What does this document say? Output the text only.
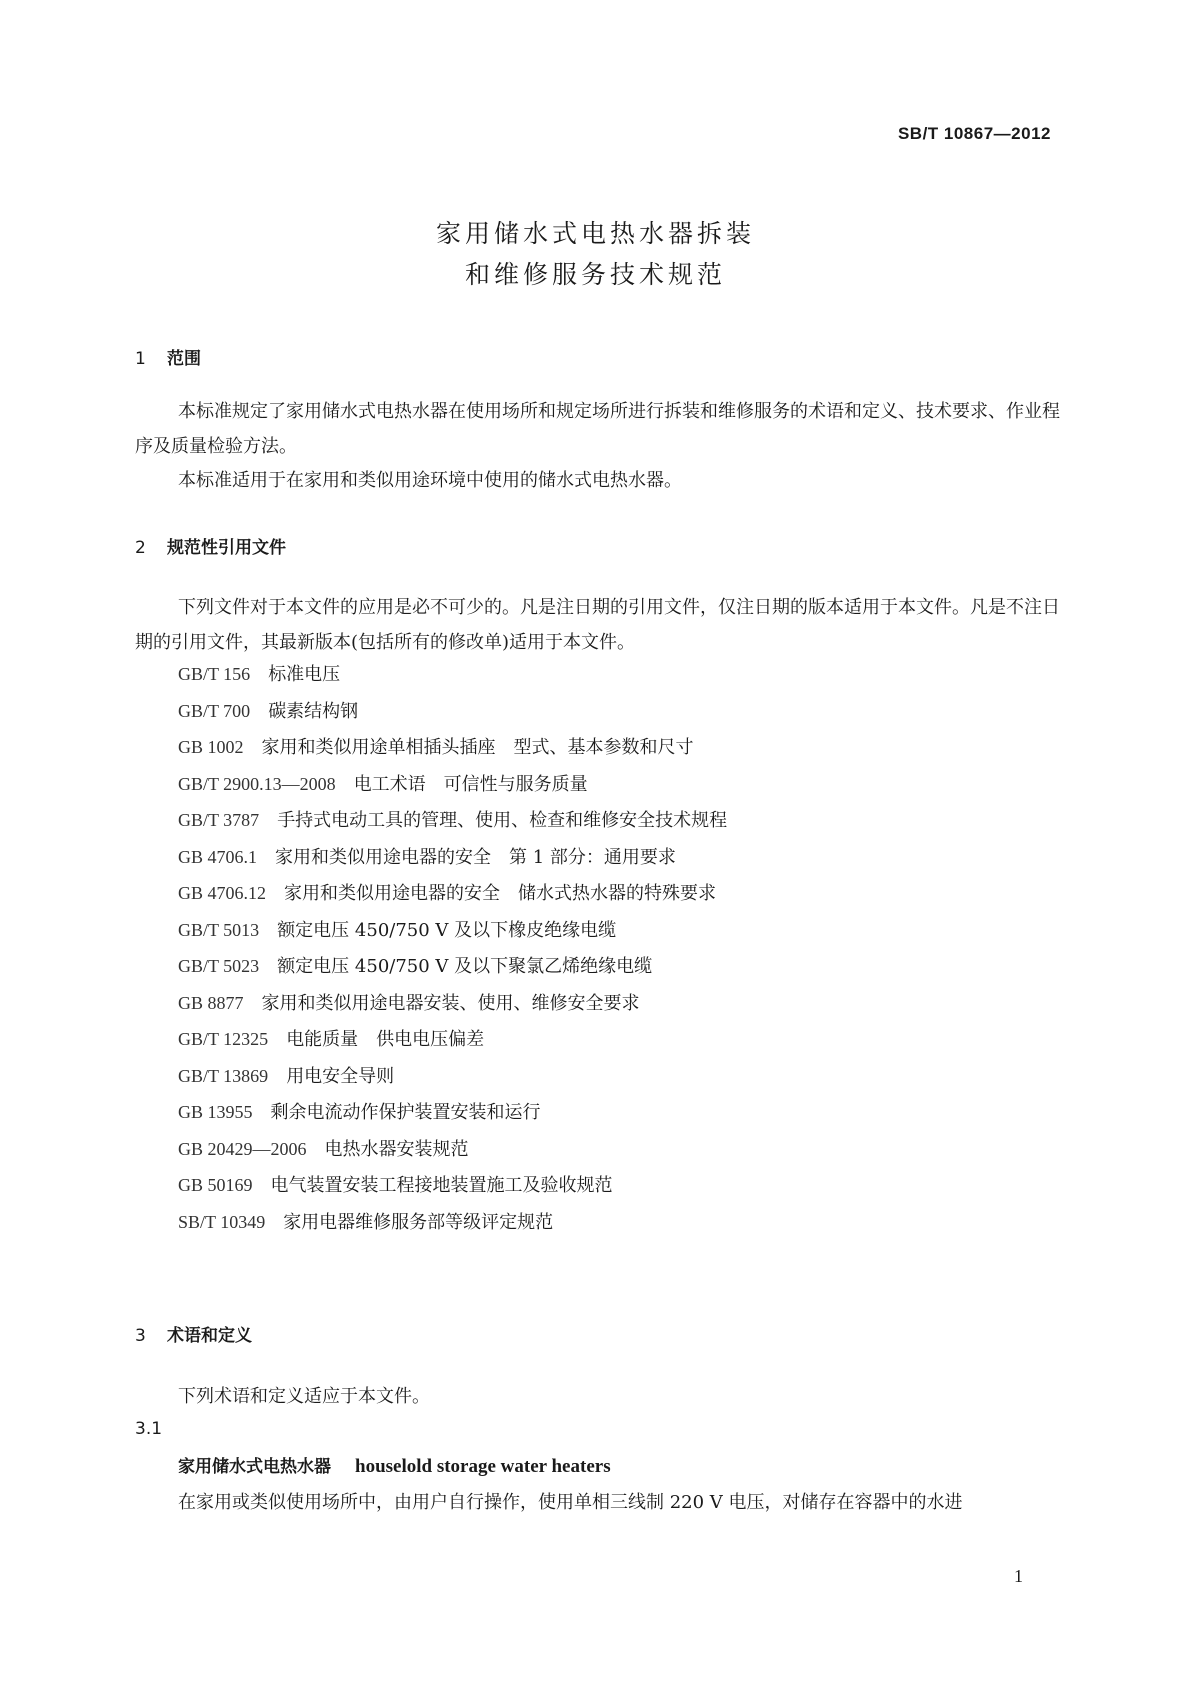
SB/T 10867—2012
家用储水式电热水器拆装
和维修服务技术规范
1 范围
本标准规定了家用储水式电热水器在使用场所和规定场所进行拆装和维修服务的术语和定义、技术要求、作业程序及质量检验方法。
本标准适用于在家用和类似用途环境中使用的储水式电热水器。
2 规范性引用文件
下列文件对于本文件的应用是必不可少的。凡是注日期的引用文件，仅注日期的版本适用于本文件。凡是不注日期的引用文件，其最新版本(包括所有的修改单)适用于本文件。
GB/T 156 标准电压
GB/T 700 碳素结构钢
GB 1002 家用和类似用途单相插头插座　型式、基本参数和尺寸
GB/T 2900.13—2008 电工术语　可信性与服务质量
GB/T 3787 手持式电动工具的管理、使用、检查和维修安全技术规程
GB 4706.1 家用和类似用途电器的安全　第 1 部分：通用要求
GB 4706.12 家用和类似用途电器的安全　储水式热水器的特殊要求
GB/T 5013 额定电压 450/750 V 及以下橡皮绝缘电缆
GB/T 5023 额定电压 450/750 V 及以下聚氯乙烯绝缘电缆
GB 8877 家用和类似用途电器安装、使用、维修安全要求
GB/T 12325 电能质量　供电电压偏差
GB/T 13869 用电安全导则
GB 13955 剩余电流动作保护装置安装和运行
GB 20429—2006 电热水器安装规范
GB 50169 电气装置安装工程接地装置施工及验收规范
SB/T 10349 家用电器维修服务部等级评定规范
3 术语和定义
下列术语和定义适应于本文件。
3.1
家用储水式电热水器 houselold storage water heaters
在家用或类似使用场所中，由用户自行操作，使用单相三线制 220 V 电压，对储存在容器中的水进
1
